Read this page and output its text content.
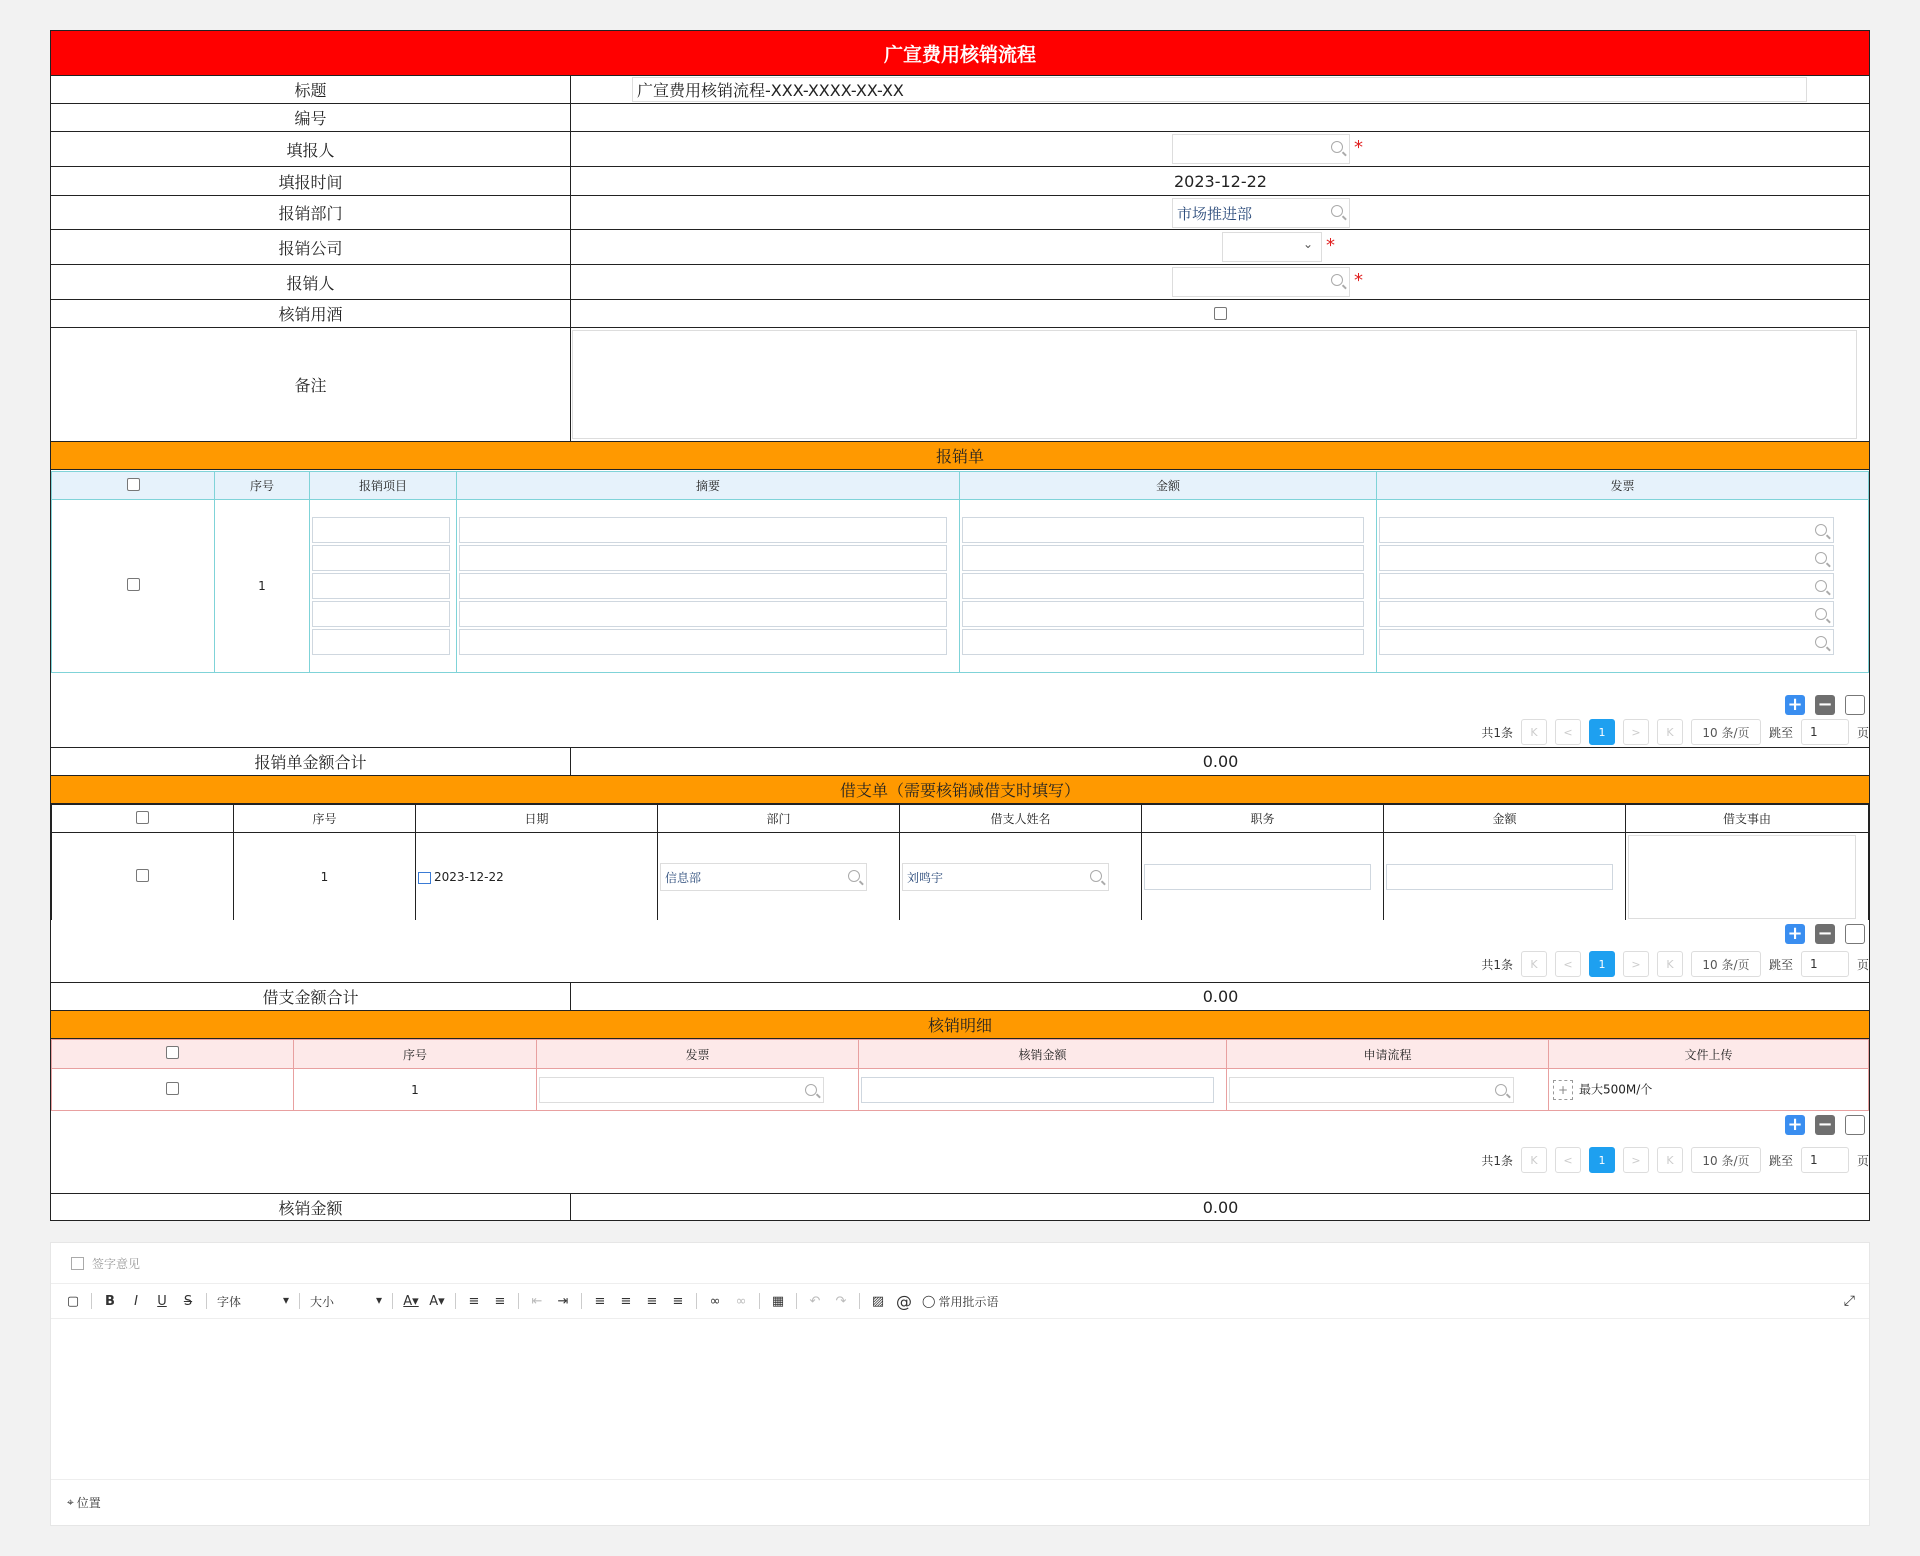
广宣费用核销流程
标题	广宣费用核销流程-XXX-XXXX-XX-XX
编号
填报人	*
填报时间	2023-12-22
报销部门	市场推进部
报销公司	⌄ *
报销人	*
核销用酒
备注
报销单
	序号	报销项目	摘要	金额	发票
	1	

+ −
共1条	K	<	1	>	K	10 条/页	跳至	1	页
报销单金额合计	0.00
借支单（需要核销减借支时填写）
	序号	日期	部门	借支人姓名	职务	金额	借支事由
	1	2023-12-22	信息部	刘鸣宇			

+ −
共1条	K	<	1	>	K	10 条/页	跳至	1	页
借支金额合计	0.00
核销明细
	序号	发票	核销金额	申请流程	文件上传
	1				+ 最大500M/个
+ −
共1条	K	<	1	>	K	10 条/页	跳至	1	页
核销金额	0.00
签字意见
▢ B	I	U S	字体	▾ 大小	▾ A▾ A▾ ≡ ≡ ⇤ ⇥ ≡ ≡ ≡ ≡ ∞ ∞ ▦ ↶ ↷ ▨ @ ◯ 常用批示语	⤢
⌖ 位置
